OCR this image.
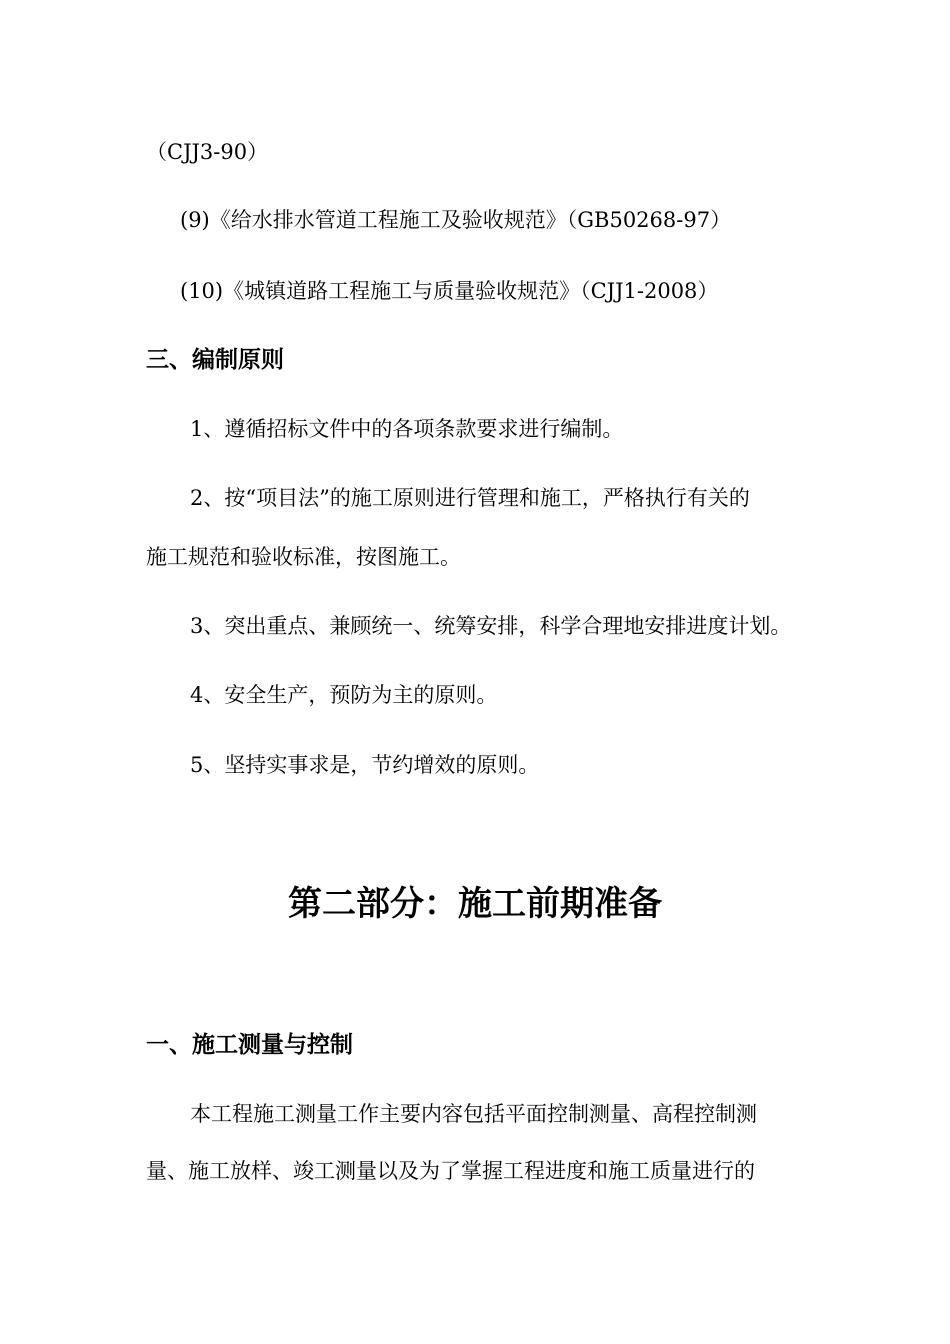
（CJJ3-90）
(9)《给水排水管道工程施工及验收规范》（GB50268-97）
(10)《城镇道路工程施工与质量验收规范》（CJJ1-2008）
三、编制原则
1、遵循招标文件中的各项条款要求进行编制。
2、按“项目法”的施工原则进行管理和施工，严格执行有关的
施工规范和验收标准，按图施工。
3、突出重点、兼顾统一、统筹安排，科学合理地安排进度计划。
4、安全生产，预防为主的原则。
5、坚持实事求是，节约增效的原则。
第二部分：施工前期准备
一、施工测量与控制
本工程施工测量工作主要内容包括平面控制测量、高程控制测
量、施工放样、竣工测量以及为了掌握工程进度和施工质量进行的
